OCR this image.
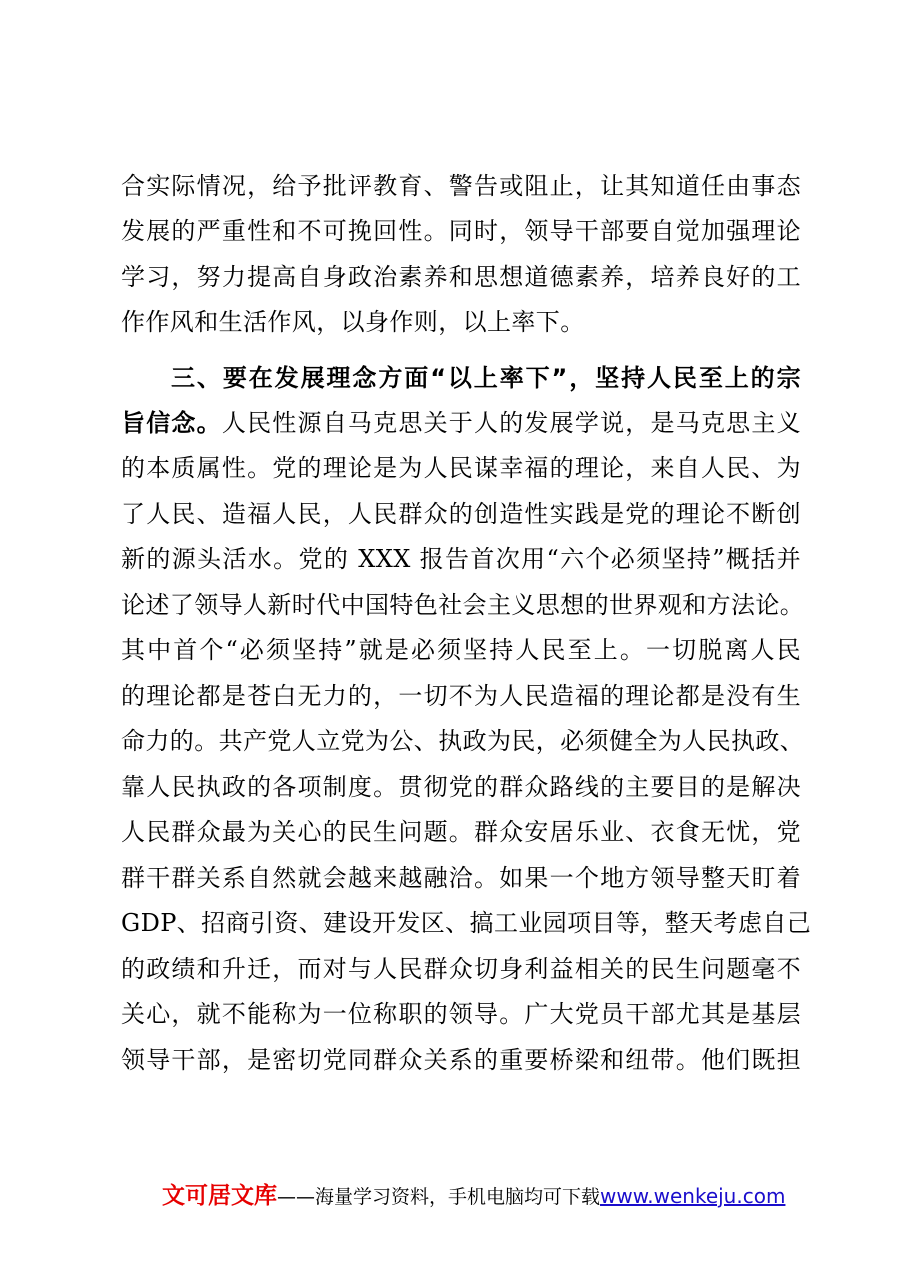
合实际情况，给予批评教育、警告或阻止，让其知道任由事态
发展的严重性和不可挽回性。同时，领导干部要自觉加强理论
学习，努力提高自身政治素养和思想道德素养，培养良好的工
作作风和生活作风，以身作则，以上率下。
三、要在发展理念方面“以上率下”，坚持人民至上的宗
旨信念。人民性源自马克思关于人的发展学说，是马克思主义
的本质属性。党的理论是为人民谋幸福的理论，来自人民、为
了人民、造福人民，人民群众的创造性实践是党的理论不断创
新的源头活水。党的 XXX 报告首次用“六个必须坚持”概括并
论述了领导人新时代中国特色社会主义思想的世界观和方法论。
其中首个“必须坚持”就是必须坚持人民至上。一切脱离人民
的理论都是苍白无力的，一切不为人民造福的理论都是没有生
命力的。共产党人立党为公、执政为民，必须健全为人民执政、
靠人民执政的各项制度。贯彻党的群众路线的主要目的是解决
人民群众最为关心的民生问题。群众安居乐业、衣食无忧，党
群干群关系自然就会越来越融洽。如果一个地方领导整天盯着
GDP、招商引资、建设开发区、搞工业园项目等，整天考虑自己
的政绩和升迁，而对与人民群众切身利益相关的民生问题毫不
关心，就不能称为一位称职的领导。广大党员干部尤其是基层
领导干部，是密切党同群众关系的重要桥梁和纽带。他们既担
文可居文库——海量学习资料，手机电脑均可下载www.wenkeju.com
